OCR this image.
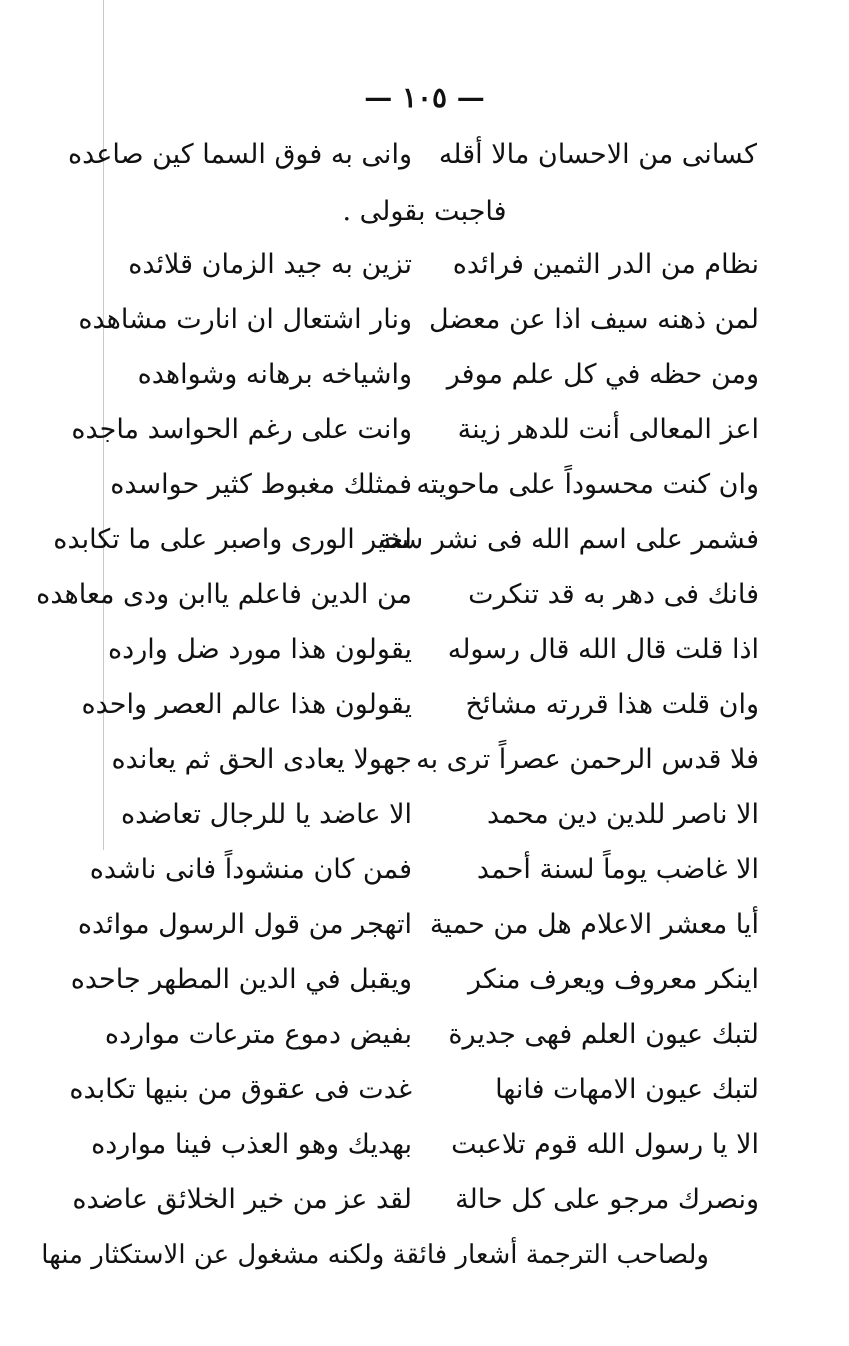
— ١٠٥ —
كسانى من الاحسان مالا أقله
وانى به فوق السما كين صاعده
فاجبت بقولى .
نظام من الدر الثمين فرائده
تزين به جيد الزمان قلائده
لمن ذهنه سيف اذا عن معضل
ونار اشتعال ان انارت مشاهده
ومن حظه في كل علم موفر
واشياخه برهانه وشواهده
اعز المعالى أنت للدهر زينة
وانت على رغم الحواسد ماجده
وان كنت محسوداً على ماحويته
فمثلك مغبوط كثير حواسده
فشمر على اسم الله فى نشر سنة
لخير الورى واصبر على ما تكابده
فانك فى دهر به قد تنكرت
من الدين فاعلم ياابن ودى معاهده
اذا قلت قال الله قال رسوله
يقولون هذا مورد ضل وارده
وان قلت هذا قررته مشائخ
يقولون هذا عالم العصر واحده
فلا قدس الرحمن عصراً ترى به
جهولا يعادى الحق ثم يعانده
الا ناصر للدين دين محمد
الا عاضد يا للرجال تعاضده
الا غاضب يوماً لسنة أحمد
فمن كان منشوداً فانى ناشده
أيا معشر الاعلام هل من حمية
اتهجر من قول الرسول موائده
اينكر معروف ويعرف منكر
ويقبل في الدين المطهر جاحده
لتبك عيون العلم فهى جديرة
بفيض دموع مترعات موارده
لتبك عيون الامهات فانها
غدت فى عقوق من بنيها تكابده
الا يا رسول الله قوم تلاعبت
بهديك وهو العذب فينا موارده
ونصرك مرجو على كل حالة
لقد عز من خير الخلائق عاضده
ولصاحب الترجمة أشعار فائقة ولكنه مشغول عن الاستكثار منها
